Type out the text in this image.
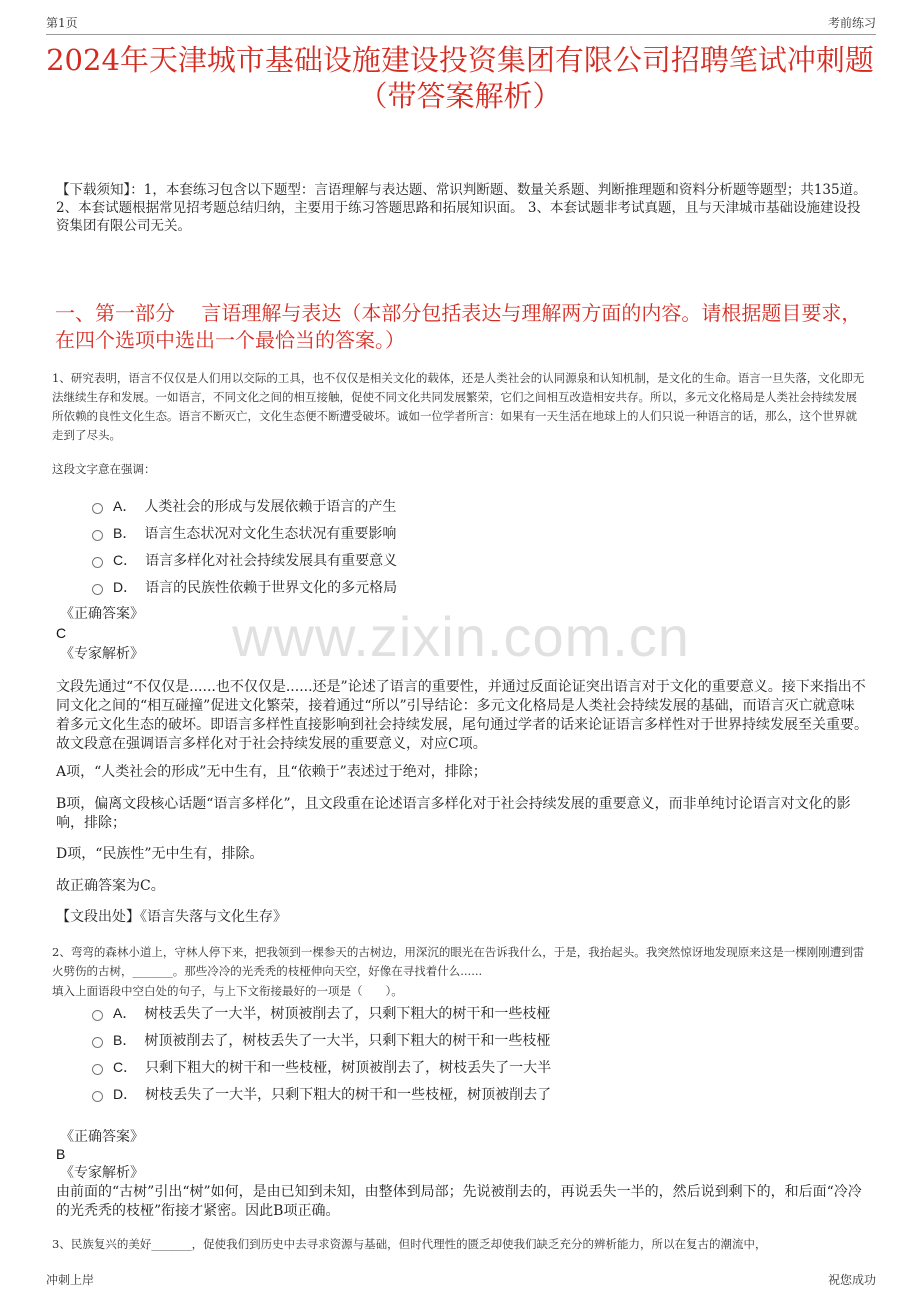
第1页	考前练习
2024年天津城市基础设施建设投资集团有限公司招聘笔试冲刺题（带答案解析）
【下载须知】：1，本套练习包含以下题型：言语理解与表达题、常识判断题、数量关系题、判断推理题和资料分析题等题型；共135道。 2、本套试题根据常见招考题总结归纳，主要用于练习答题思路和拓展知识面。 3、本套试题非考试真题，且与天津城市基础设施建设投资集团有限公司无关。
一、第一部分　 言语理解与表达（本部分包括表达与理解两方面的内容。请根据题目要求，在四个选项中选出一个最恰当的答案。）
1、研究表明，语言不仅仅是人们用以交际的工具，也不仅仅是相关文化的载体，还是人类社会的认同源泉和认知机制，是文化的生命。语言一旦失落，文化即无法继续生存和发展。一如语言，不同文化之间的相互接触，促使不同文化共同发展繁荣，它们之间相互改造相安共存。所以，多元文化格局是人类社会持续发展所依赖的良性文化生态。语言不断灭亡，文化生态便不断遭受破坏。诚如一位学者所言：如果有一天生活在地球上的人们只说一种语言的话，那么，这个世界就走到了尽头。
这段文字意在强调：
A． 人类社会的形成与发展依赖于语言的产生
B． 语言生态状况对文化生态状况有重要影响
C． 语言多样化对社会持续发展具有重要意义
D． 语言的民族性依赖于世界文化的多元格局
《正确答案》
C
《专家解析》 www.zixin.com.cn
文段先通过“不仅仅是......也不仅仅是......还是”论述了语言的重要性，并通过反面论证突出语言对于文化的重要意义。接下来指出不同文化之间的“相互碰撞”促进文化繁荣，接着通过“所以”引导结论：多元文化格局是人类社会持续发展的基础，而语言灭亡就意味着多元文化生态的破坏。即语言多样性直接影响到社会持续发展，尾句通过学者的话来论证语言多样性对于世界持续发展至关重要。故文段意在强调语言多样化对于社会持续发展的重要意义，对应C项。
A项，“人类社会的形成”无中生有，且“依赖于”表述过于绝对，排除；
B项，偏离文段核心话题“语言多样化”，且文段重在论述语言多样化对于社会持续发展的重要意义，而非单纯讨论语言对文化的影响，排除；
D项，“民族性”无中生有，排除。
故正确答案为C。
【文段出处】《语言失落与文化生存》
2、弯弯的森林小道上，守林人停下来，把我领到一棵参天的古树边，用深沉的眼光在告诉我什么，于是，我抬起头。我突然惊讶地发现原来这是一棵刚刚遭到雷火劈伤的古树，_______。那些冷冷的光秃秃的枝桠伸向天空，好像在寻找着什么......
填入上面语段中空白处的句子，与上下文衔接最好的一项是（　　）。
A． 树枝丢失了一大半，树顶被削去了，只剩下粗大的树干和一些枝桠
B． 树顶被削去了，树枝丢失了一大半，只剩下粗大的树干和一些枝桠
C． 只剩下粗大的树干和一些枝桠，树顶被削去了，树枝丢失了一大半
D． 树枝丢失了一大半，只剩下粗大的树干和一些枝桠，树顶被削去了
《正确答案》
B
《专家解析》
由前面的“古树”引出“树”如何，是由已知到未知，由整体到局部；先说被削去的，再说丢失一半的，然后说到剩下的，和后面“冷冷的光秃秃的枝桠”衔接才紧密。因此B项正确。
3、民族复兴的美好_______，促使我们到历史中去寻求资源与基础，但时代理性的匮乏却使我们缺乏充分的辨析能力，所以在复古的潮流中，
冲刺上岸	祝您成功
